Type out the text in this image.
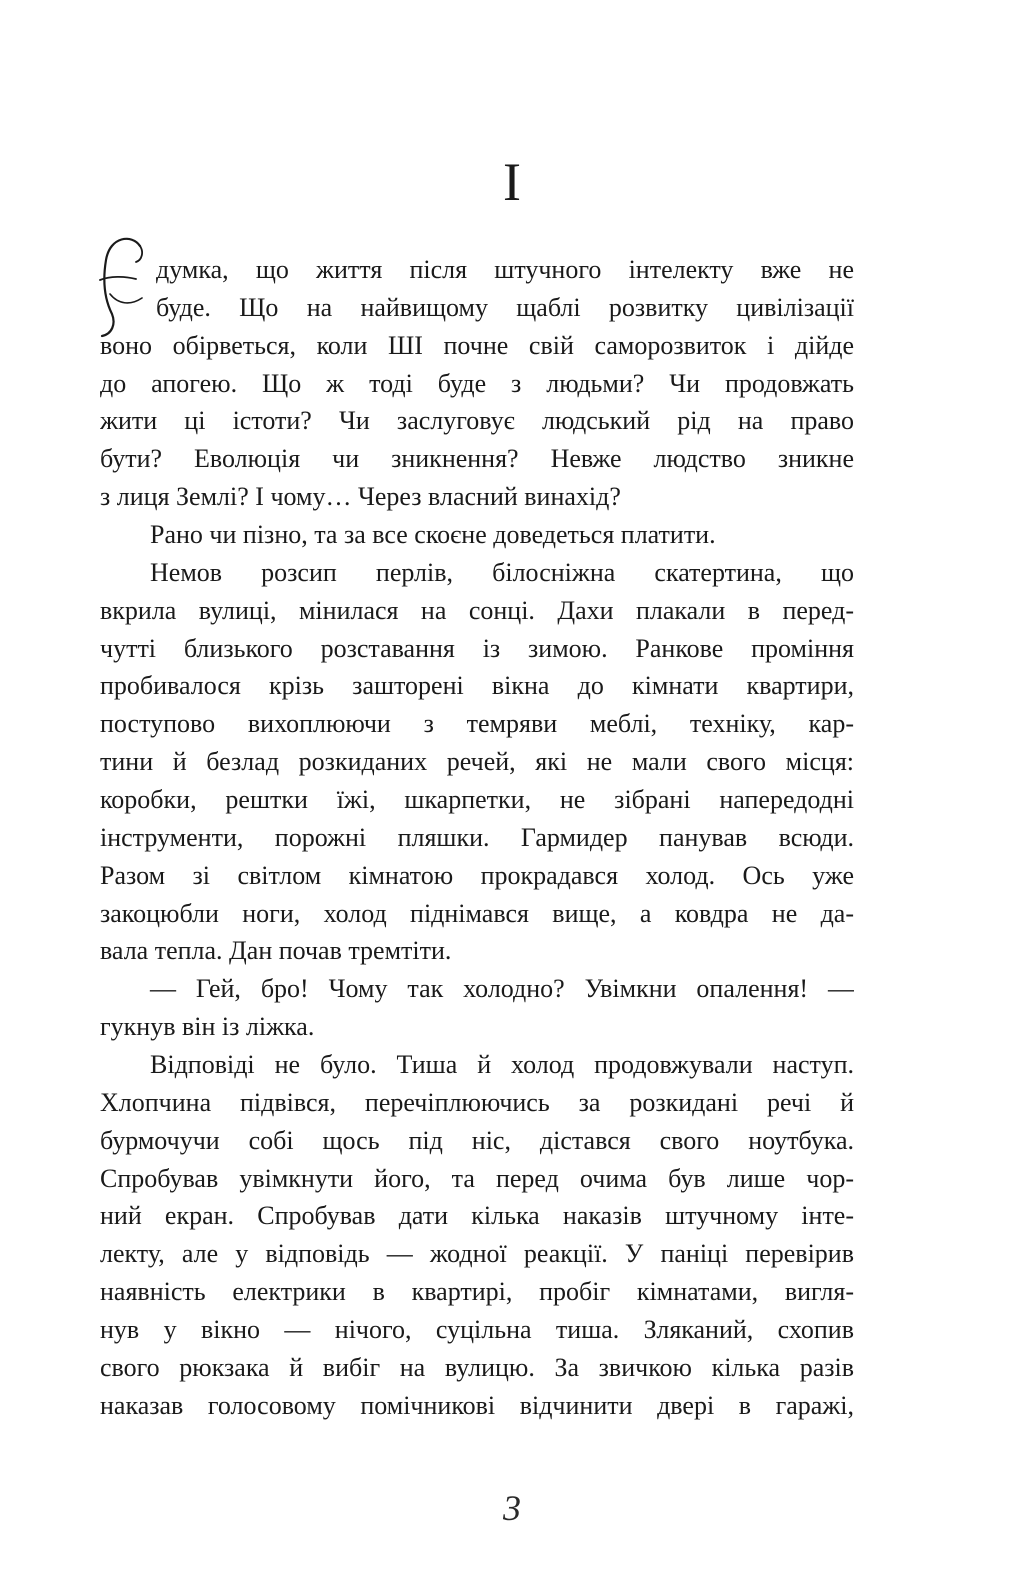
I
думка, що життя після штучного інтелекту вже не
буде. Що на найвищому щаблі розвитку цивілізації
воно обірветься, коли ШІ почне свій саморозвиток і дійде
до апогею. Що ж тоді буде з людьми? Чи продовжать
жити ці істоти? Чи заслуговує людський рід на право
бути? Еволюція чи зникнення? Невже людство зникне
з лиця Землі? І чому… Через власний винахід?
Рано чи пізно, та за все скоєне доведеться платити.
Немов розсип перлів, білосніжна скатертина, що
вкрила вулиці, мінилася на сонці. Дахи плакали в перед-
чутті близького розставання із зимою. Ранкове проміння
пробивалося крізь зашторені вікна до кімнати квартири,
поступово вихоплюючи з темряви меблі, техніку, кар-
тини й безлад розкиданих речей, які не мали свого місця:
коробки, рештки їжі, шкарпетки, не зібрані напередодні
інструменти, порожні пляшки. Гармидер панував всюди.
Разом зі світлом кімнатою прокрадався холод. Ось уже
закоцюбли ноги, холод піднімався вище, а ковдра не да-
вала тепла. Дан почав тремтіти.
— Гей, бро! Чому так холодно? Увімкни опалення! —
гукнув він із ліжка.
Відповіді не було. Тиша й холод продовжували наступ.
Хлопчина підвівся, перечіплюючись за розкидані речі й
бурмочучи собі щось під ніс, дістався свого ноутбука.
Спробував увімкнути його, та перед очима був лише чор-
ний екран. Спробував дати кілька наказів штучному інте-
лекту, але у відповідь — жодної реакції. У паніці перевірив
наявність електрики в квартирі, пробіг кімнатами, вигля-
нув у вікно — нічого, суцільна тиша. Зляканий, схопив
свого рюкзака й вибіг на вулицю. За звичкою кілька разів
наказав голосовому помічникові відчинити двері в гаражі,
3
